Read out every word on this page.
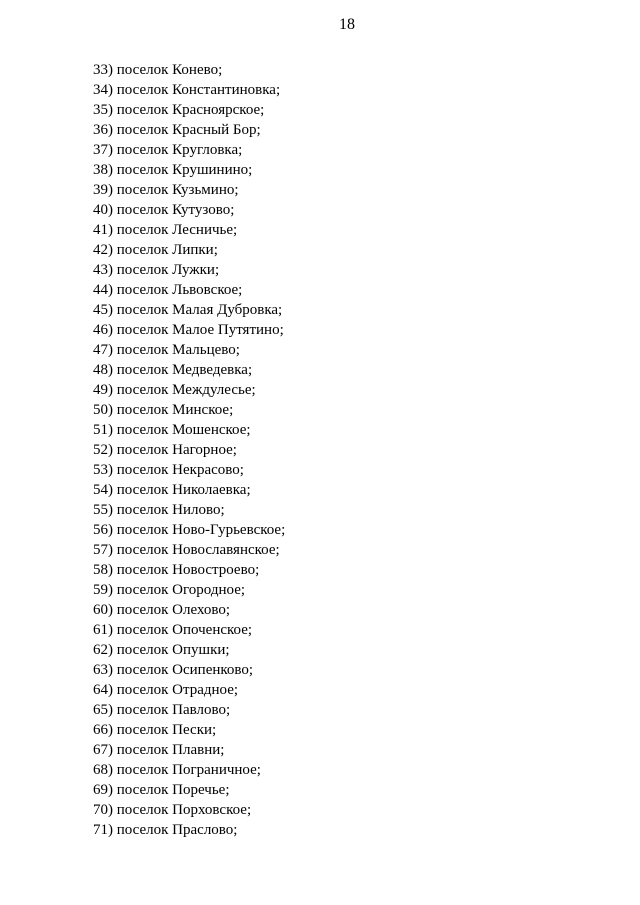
18
33) поселок Конево;
34) поселок Константиновка;
35) поселок Красноярское;
36) поселок Красный Бор;
37) поселок Кругловка;
38) поселок Крушинино;
39) поселок Кузьмино;
40) поселок Кутузово;
41) поселок Лесничье;
42) поселок Липки;
43) поселок Лужки;
44) поселок Львовское;
45) поселок Малая Дубровка;
46) поселок Малое Путятино;
47) поселок Мальцево;
48) поселок Медведевка;
49) поселок Междулесье;
50) поселок Минское;
51) поселок Мошенское;
52) поселок Нагорное;
53) поселок Некрасово;
54) поселок Николаевка;
55) поселок Нилово;
56) поселок Ново-Гурьевское;
57) поселок Новославянское;
58) поселок Новостроево;
59) поселок Огородное;
60) поселок Олехово;
61) поселок Опоченское;
62) поселок Опушки;
63) поселок Осипенково;
64) поселок Отрадное;
65) поселок Павлово;
66) поселок Пески;
67) поселок Плавни;
68) поселок Пограничное;
69) поселок Поречье;
70) поселок Порховское;
71) поселок Праслово;
